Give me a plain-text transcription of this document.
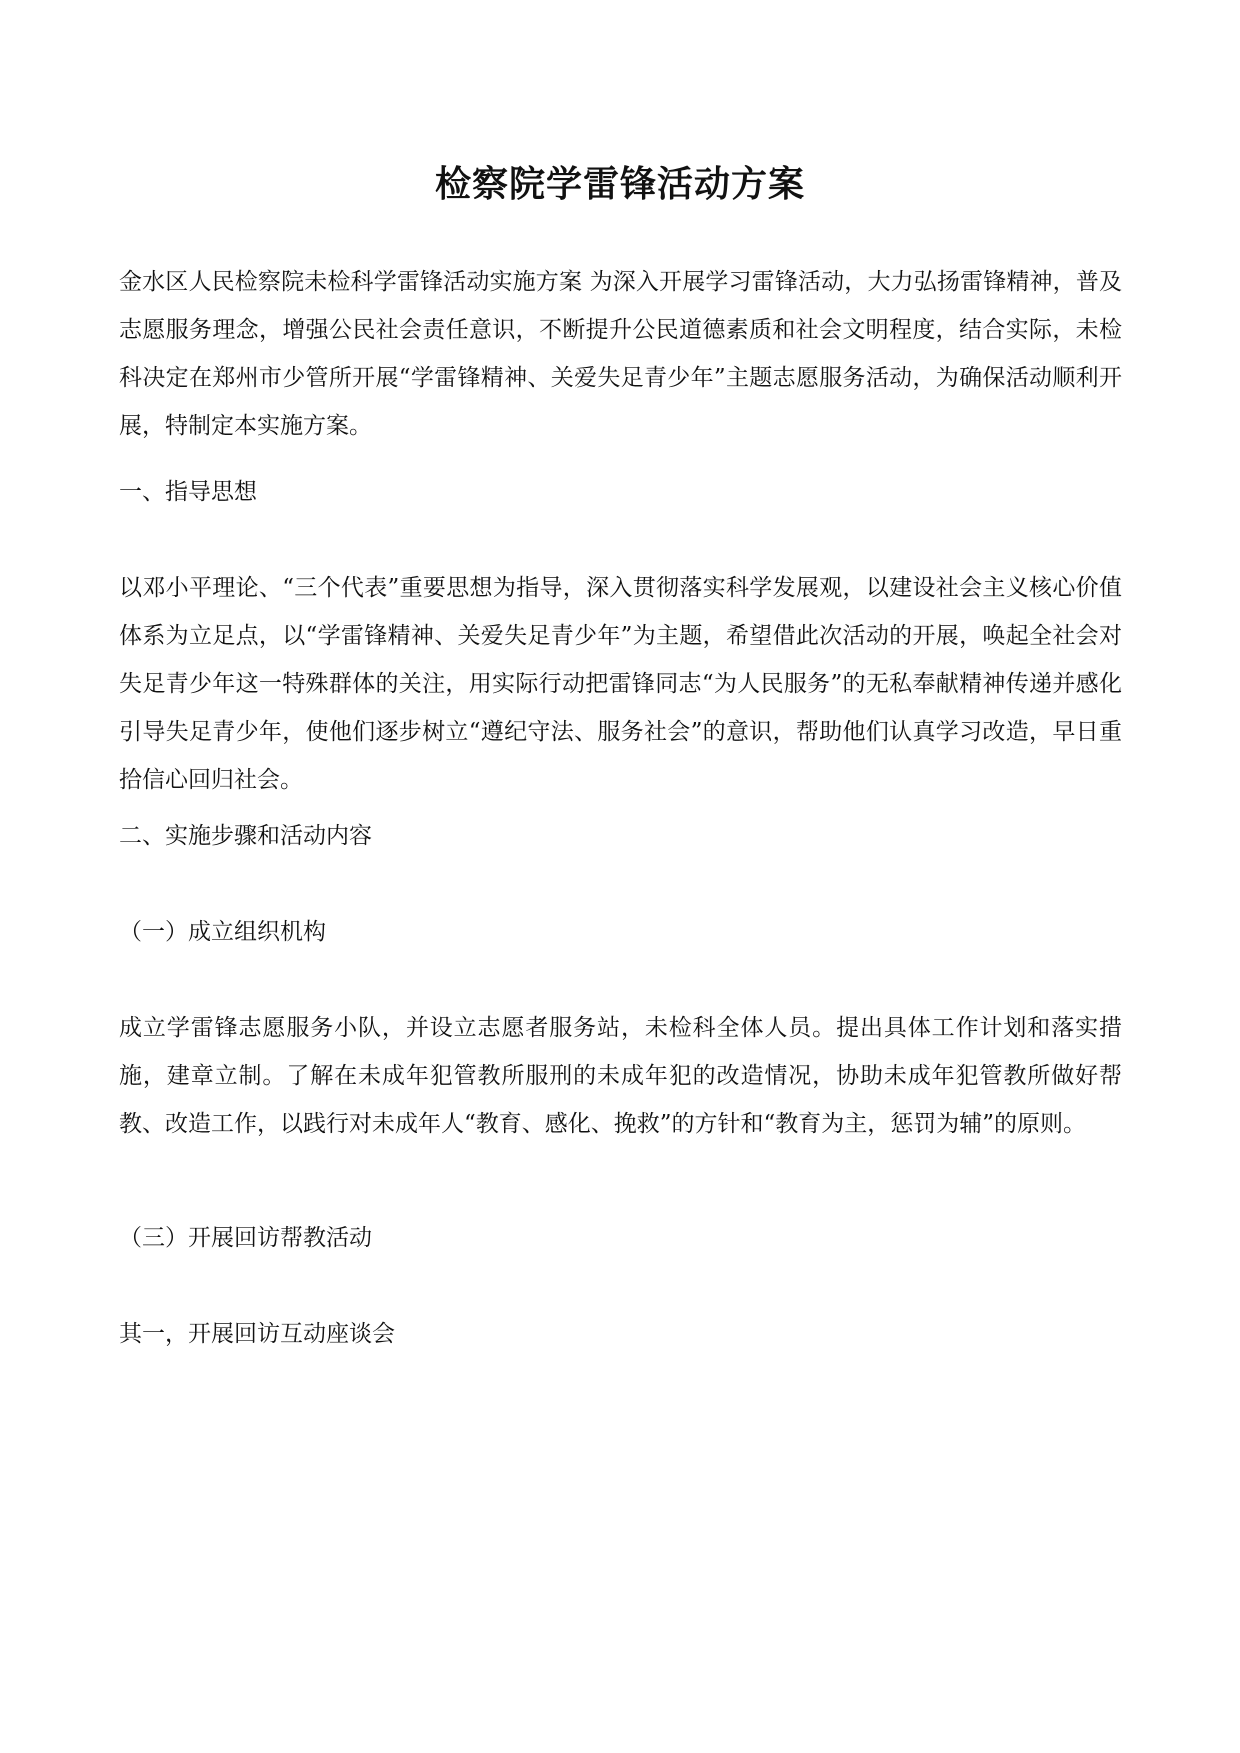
检察院学雷锋活动方案

金水区人民检察院未检科学雷锋活动实施方案 为深入开展学习雷锋活动，大力弘扬雷锋精神，普及志愿服务理念，增强公民社会责任意识，不断提升公民道德素质和社会文明程度，结合实际，未检科决定在郑州市少管所开展“学雷锋精神、关爱失足青少年”主题志愿服务活动，为确保活动顺利开展，特制定本实施方案。

一、指导思想

以邓小平理论、“三个代表”重要思想为指导，深入贯彻落实科学发展观，以建设社会主义核心价值体系为立足点，以“学雷锋精神、关爱失足青少年”为主题，希望借此次活动的开展，唤起全社会对失足青少年这一特殊群体的关注，用实际行动把雷锋同志“为人民服务”的无私奉献精神传递并感化引导失足青少年，使他们逐步树立“遵纪守法、服务社会”的意识，帮助他们认真学习改造，早日重拾信心回归社会。

二、实施步骤和活动内容

（一）成立组织机构

成立学雷锋志愿服务小队，并设立志愿者服务站，未检科全体人员。提出具体工作计划和落实措施，建章立制。了解在未成年犯管教所服刑的未成年犯的改造情况，协助未成年犯管教所做好帮教、改造工作，以践行对未成年人“教育、感化、挽救”的方针和“教育为主，惩罚为辅”的原则。

（三）开展回访帮教活动

其一，开展回访互动座谈会
